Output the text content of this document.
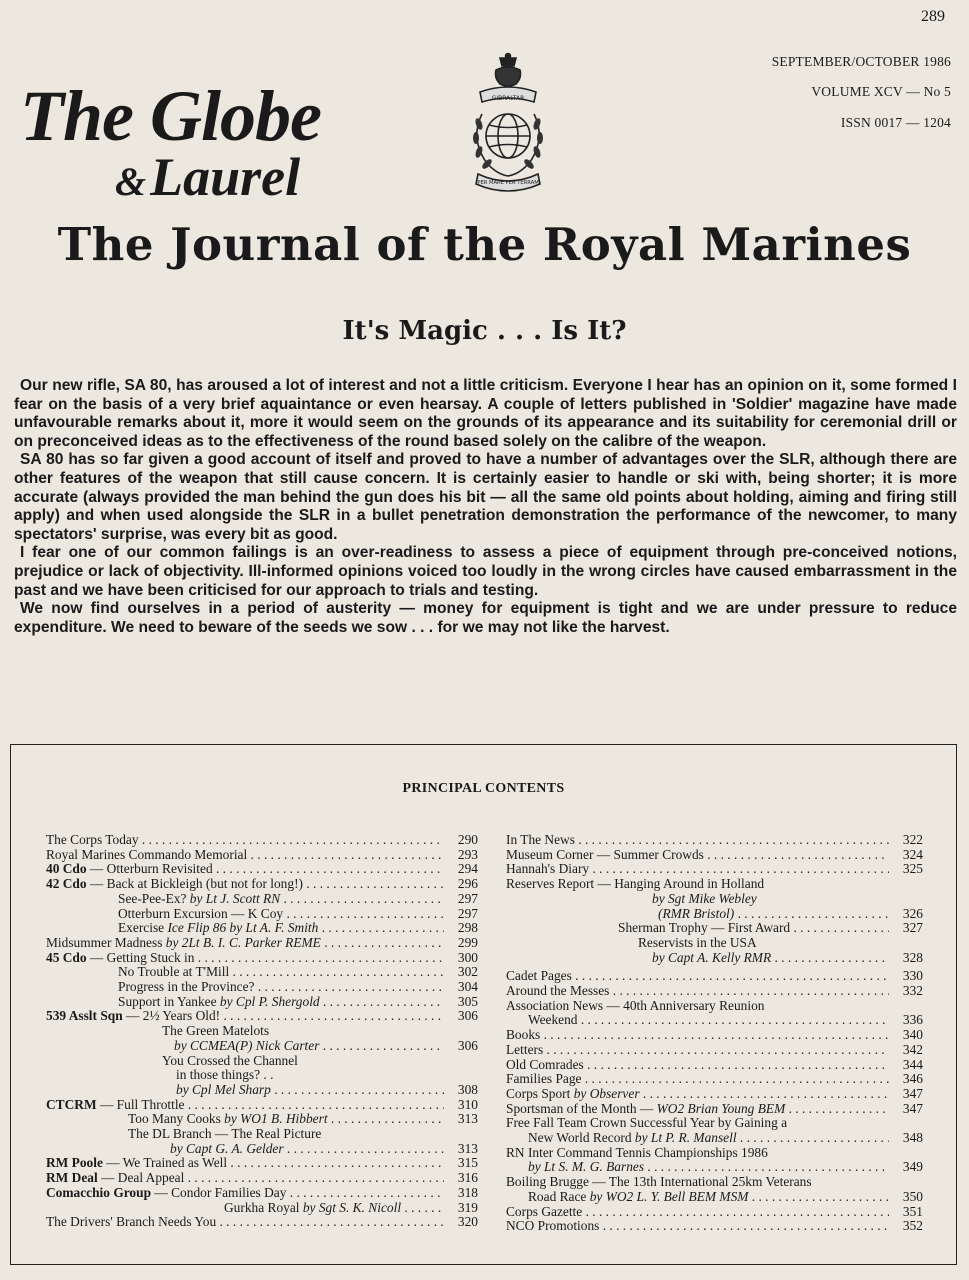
289
SEPTEMBER/OCTOBER 1986
VOLUME XCV — No 5
ISSN 0017 — 1204
The Globe
&Laurel
GIBRALTAR
PER MARE PER TERRAM
The Journal of the Royal Marines
It's Magic . . . Is It?

Our new rifle, SA 80, has aroused a lot of interest and not a little criticism. Everyone I hear has an opinion on it, some formed I fear on the basis of a very brief aquaintance or even hearsay. A couple of letters published in 'Soldier' magazine have made unfavourable remarks about it, more it would seem on the grounds of its appearance and its suitability for ceremonial drill or on preconceived ideas as to the effectiveness of the round based solely on the calibre of the weapon.

SA 80 has so far given a good account of itself and proved to have a number of advantages over the SLR, although there are other features of the weapon that still cause concern. It is certainly easier to handle or ski with, being shorter; it is more accurate (always provided the man behind the gun does his bit — all the same old points about holding, aiming and firing still apply) and when used alongside the SLR in a bullet penetration demonstration the performance of the newcomer, to many spectators' surprise, was every bit as good.

I fear one of our common failings is an over-readiness to assess a piece of equipment through pre-conceived notions, prejudice or lack of objectivity. Ill-informed opinions voiced too loudly in the wrong circles have caused embarrassment in the past and we have been criticised for our approach to trials and testing.

We now find ourselves in a period of austerity — money for equipment is tight and we are under pressure to reduce expenditure. We need to beware of the seeds we sow . . . for we may not like the harvest.

PRINCIPAL CONTENTS
The Corps Today . . .	290
Royal Marines Commando Memorial . . .	293
40 Cdo — Otterburn Revisited . . .	294
42 Cdo — Back at Bickleigh (but not for long!) . . .	296
See-Pee-Ex? by Lt J. Scott RN . . .	297
Otterburn Excursion — K Coy . . .	297
Exercise Ice Flip 86 by Lt A. F. Smith . . .	298
Midsummer Madness by 2Lt B. I. C. Parker REME . . .	299
45 Cdo — Getting Stuck in . . .	300
No Trouble at T'Mill . . .	302
Progress in the Province? . . .	304
Support in Yankee by Cpl P. Shergold . . .	305
539 Asslt Sqn — 2½ Years Old! . . .	306
The Green Matelots
by CCMEA(P) Nick Carter . . .	306
You Crossed the Channel
in those things? . .
by Cpl Mel Sharp . . .	308
CTCRM — Full Throttle . . .	310
Too Many Cooks by WO1 B. Hibbert . . .	313
The DL Branch — The Real Picture
by Capt G. A. Gelder . . .	313
RM Poole — We Trained as Well . . .	315
RM Deal — Deal Appeal . . .	316
Comacchio Group — Condor Families Day . . .	318
Gurkha Royal by Sgt S. K. Nicoll . . .	319
The Drivers' Branch Needs You . . .	320
In The News . . .	322
Museum Corner — Summer Crowds . . .	324
Hannah's Diary . . .	325
Reserves Report — Hanging Around in Holland
by Sgt Mike Webley
(RMR Bristol) . . .	326
Sherman Trophy — First Award . . .	327
Reservists in the USA
by Capt A. Kelly RMR . . .	328
Cadet Pages . . .	330
Around the Messes . . .	332
Association News — 40th Anniversary Reunion
Weekend . . .	336
Books . . .	340
Letters . . .	342
Old Comrades . . .	344
Families Page . . .	346
Corps Sport by Observer . . .	347
Sportsman of the Month — WO2 Brian Young BEM . . .	347
Free Fall Team Crown Successful Year by Gaining a
New World Record by Lt P. R. Mansell . . .	348
RN Inter Command Tennis Championships 1986
by Lt S. M. G. Barnes . . .	349
Boiling Brugge — The 13th International 25km Veterans
Road Race by WO2 L. Y. Bell BEM MSM . . .	350
Corps Gazette . . .	351
NCO Promotions . . .	352
